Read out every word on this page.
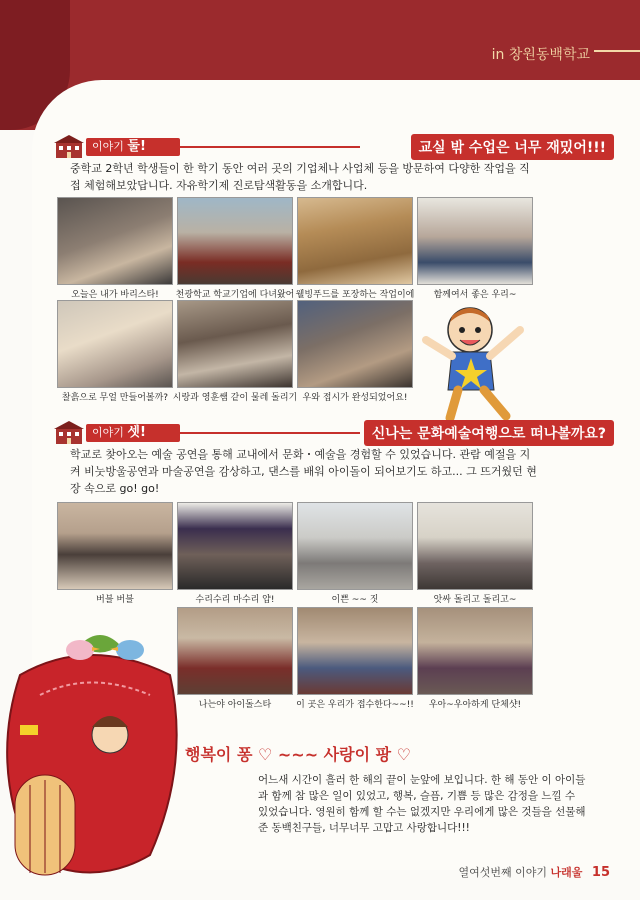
in 창원동백학교
이야기 둘!	교실 밖 수업은 너무 재밌어!!!
중학교 2학년 학생들이 한 학기 동안 여러 곳의 기업체나 사업체 등을 방문하여 다양한 작업을 직접 체험해보았답니다. 자유학기제 진로탐색활동을 소개합니다.
오늘은 내가 바리스타!	천광학교 학교기업에 다녀왔어 웰빙푸드를 포장하는 작업이에	함께여서 좋은 우리~
찰흙으로 무얼 만들어볼까? 시랑과 영훈쌤 같이 물레 돌리기 우와 접시가 완성되었어요!
이야기 셋!	신나는 문화예술여행으로 떠나볼까요?
학교로 찾아오는 예술 공연을 통해 교내에서 문화・예술을 경험할 수 있었습니다. 관람 예절을 지켜 비눗방울공연과 마술공연을 감상하고, 댄스를 배워 아이돌이 되어보기도 하고... 그 뜨거웠던 현장 속으로 go! go!
버블 버블	수리수리 마수리 얍!	이쁜 ~~ 짓	앗싸 돌리고 돌리고~
나는야 아이돌스타	이 곳은 우리가 접수한다~~!!	우아~우아하게 단체샷!
행복이 퐁 ♡ ~~~ 사랑이 팡 ♡
어느새 시간이 흘러 한 해의 끝이 눈앞에 보입니다. 한 해 동안 이 아이들과 함께 참 많은 일이 있었고, 행복, 슬픔, 기쁨 등 많은 감정을 느낄 수 있었습니다. 영원히 함께 할 수는 없겠지만 우리에게 많은 것들을 선물해 준 동백친구들, 너무너무 고맙고 사랑합니다!!!
열여섯번째 이야기 나래울 15
